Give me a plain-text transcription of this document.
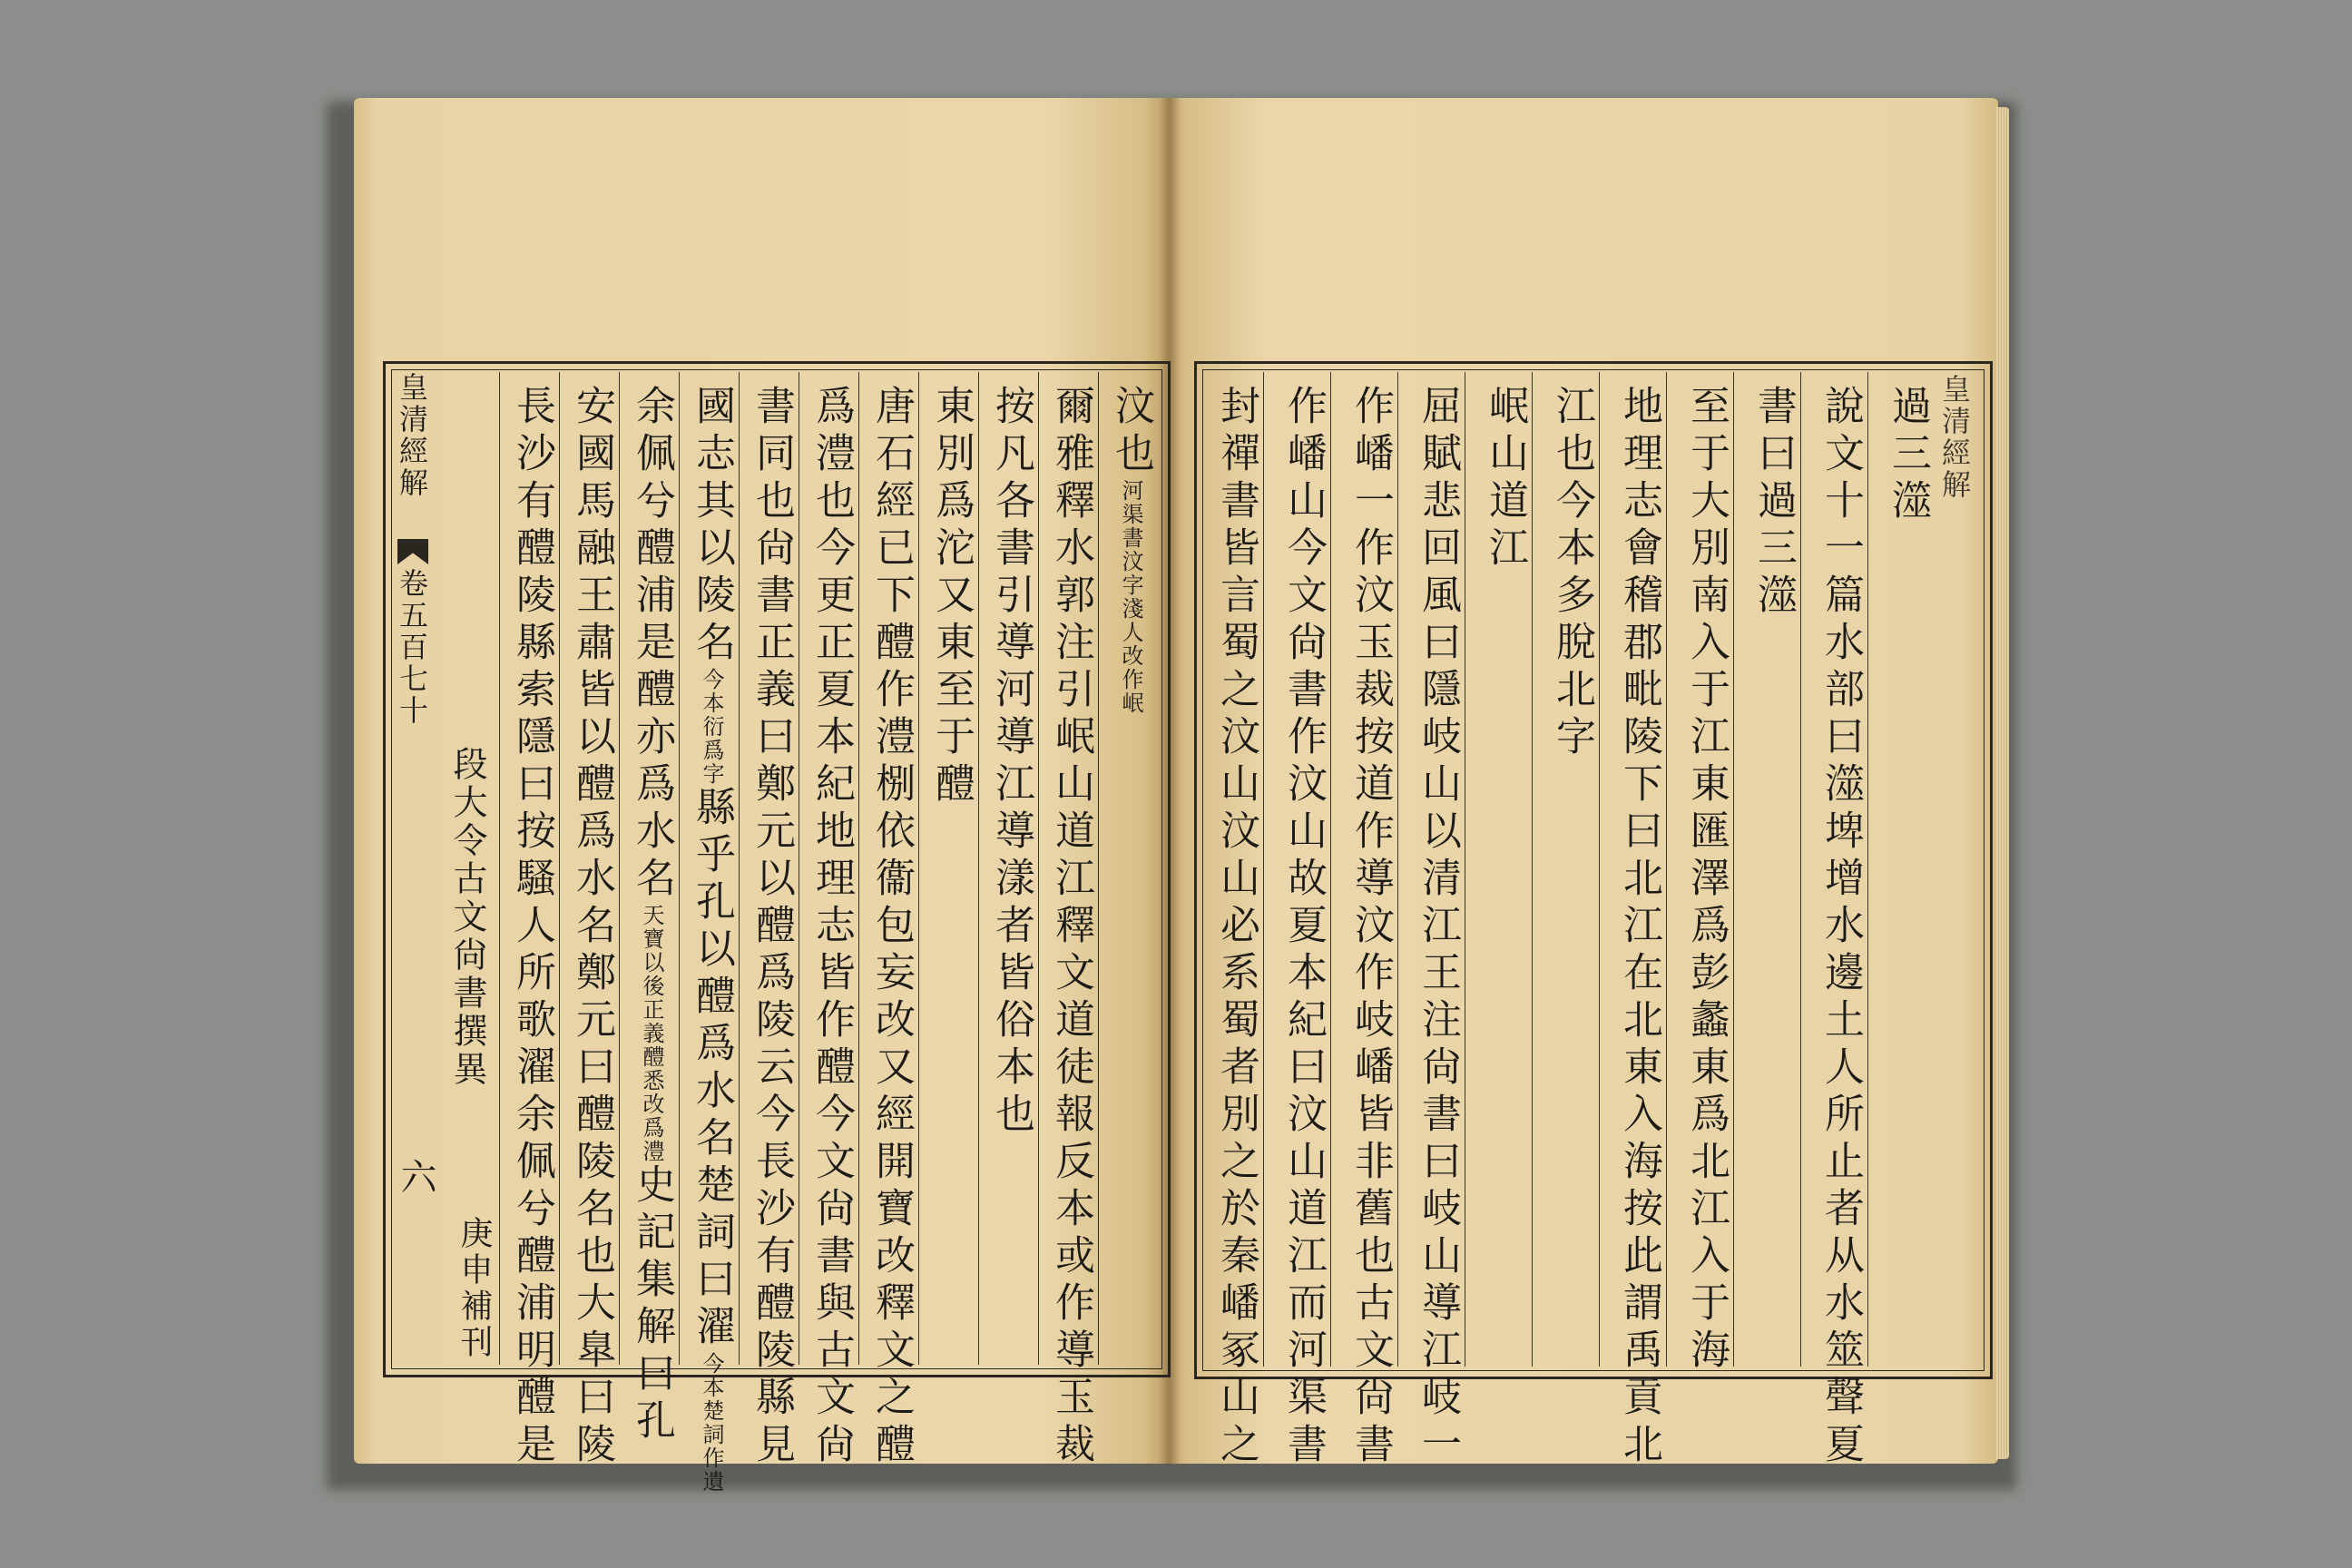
皇清經解
卷五百七十
段大令古文尙書撰異
六
庚申補刊
皇清經解
汶也河渠書汶字淺人改作岷
爾雅釋水郭注引岷山道江釋文道徒報反本或作導玉裁
按凡各書引導河導江導漾者皆俗本也
東別爲沱又東至于醴
唐石經已下醴作澧㭭依衞包妄改又經開寶改釋文之醴
爲澧也今更正夏本紀地理志皆作醴今文尙書與古文尙
書同也尙書正義曰鄭元以醴爲陵云今長沙有醴陵縣見
國志其以陵名今本衍爲字縣乎孔以醴爲水名楚詞曰濯今本楚詞作遺
余佩兮醴浦是醴亦爲水名天寶以後正義醴悉改爲澧史記集解曰孔
安國馬融王肅皆以醴爲水名鄭元曰醴陵名也大臯曰陵
長沙有醴陵縣索隱曰按騷人所歌濯余佩兮醴浦明醴是	過三澨
說文十一篇水部曰澨埤增水邊土人所止者从水筮聲夏
書曰過三澨
至于大別南入于江東匯澤爲彭蠡東爲北江入于海
地理志會稽郡毗陵下曰北江在北東入海按此謂禹貢北
江也今本多脫北字
岷山道江
屈賦悲回風曰隱岐山以清江王注尙書曰岐山導江岐一
作嶓一作汶玉裁按道作導汶作岐嶓皆非舊也古文尙書
作嶓山今文尙書作汶山故夏本紀曰汶山道江而河渠書
封禪書皆言蜀之汶山汶山必系蜀者別之於秦嶓冢山之
